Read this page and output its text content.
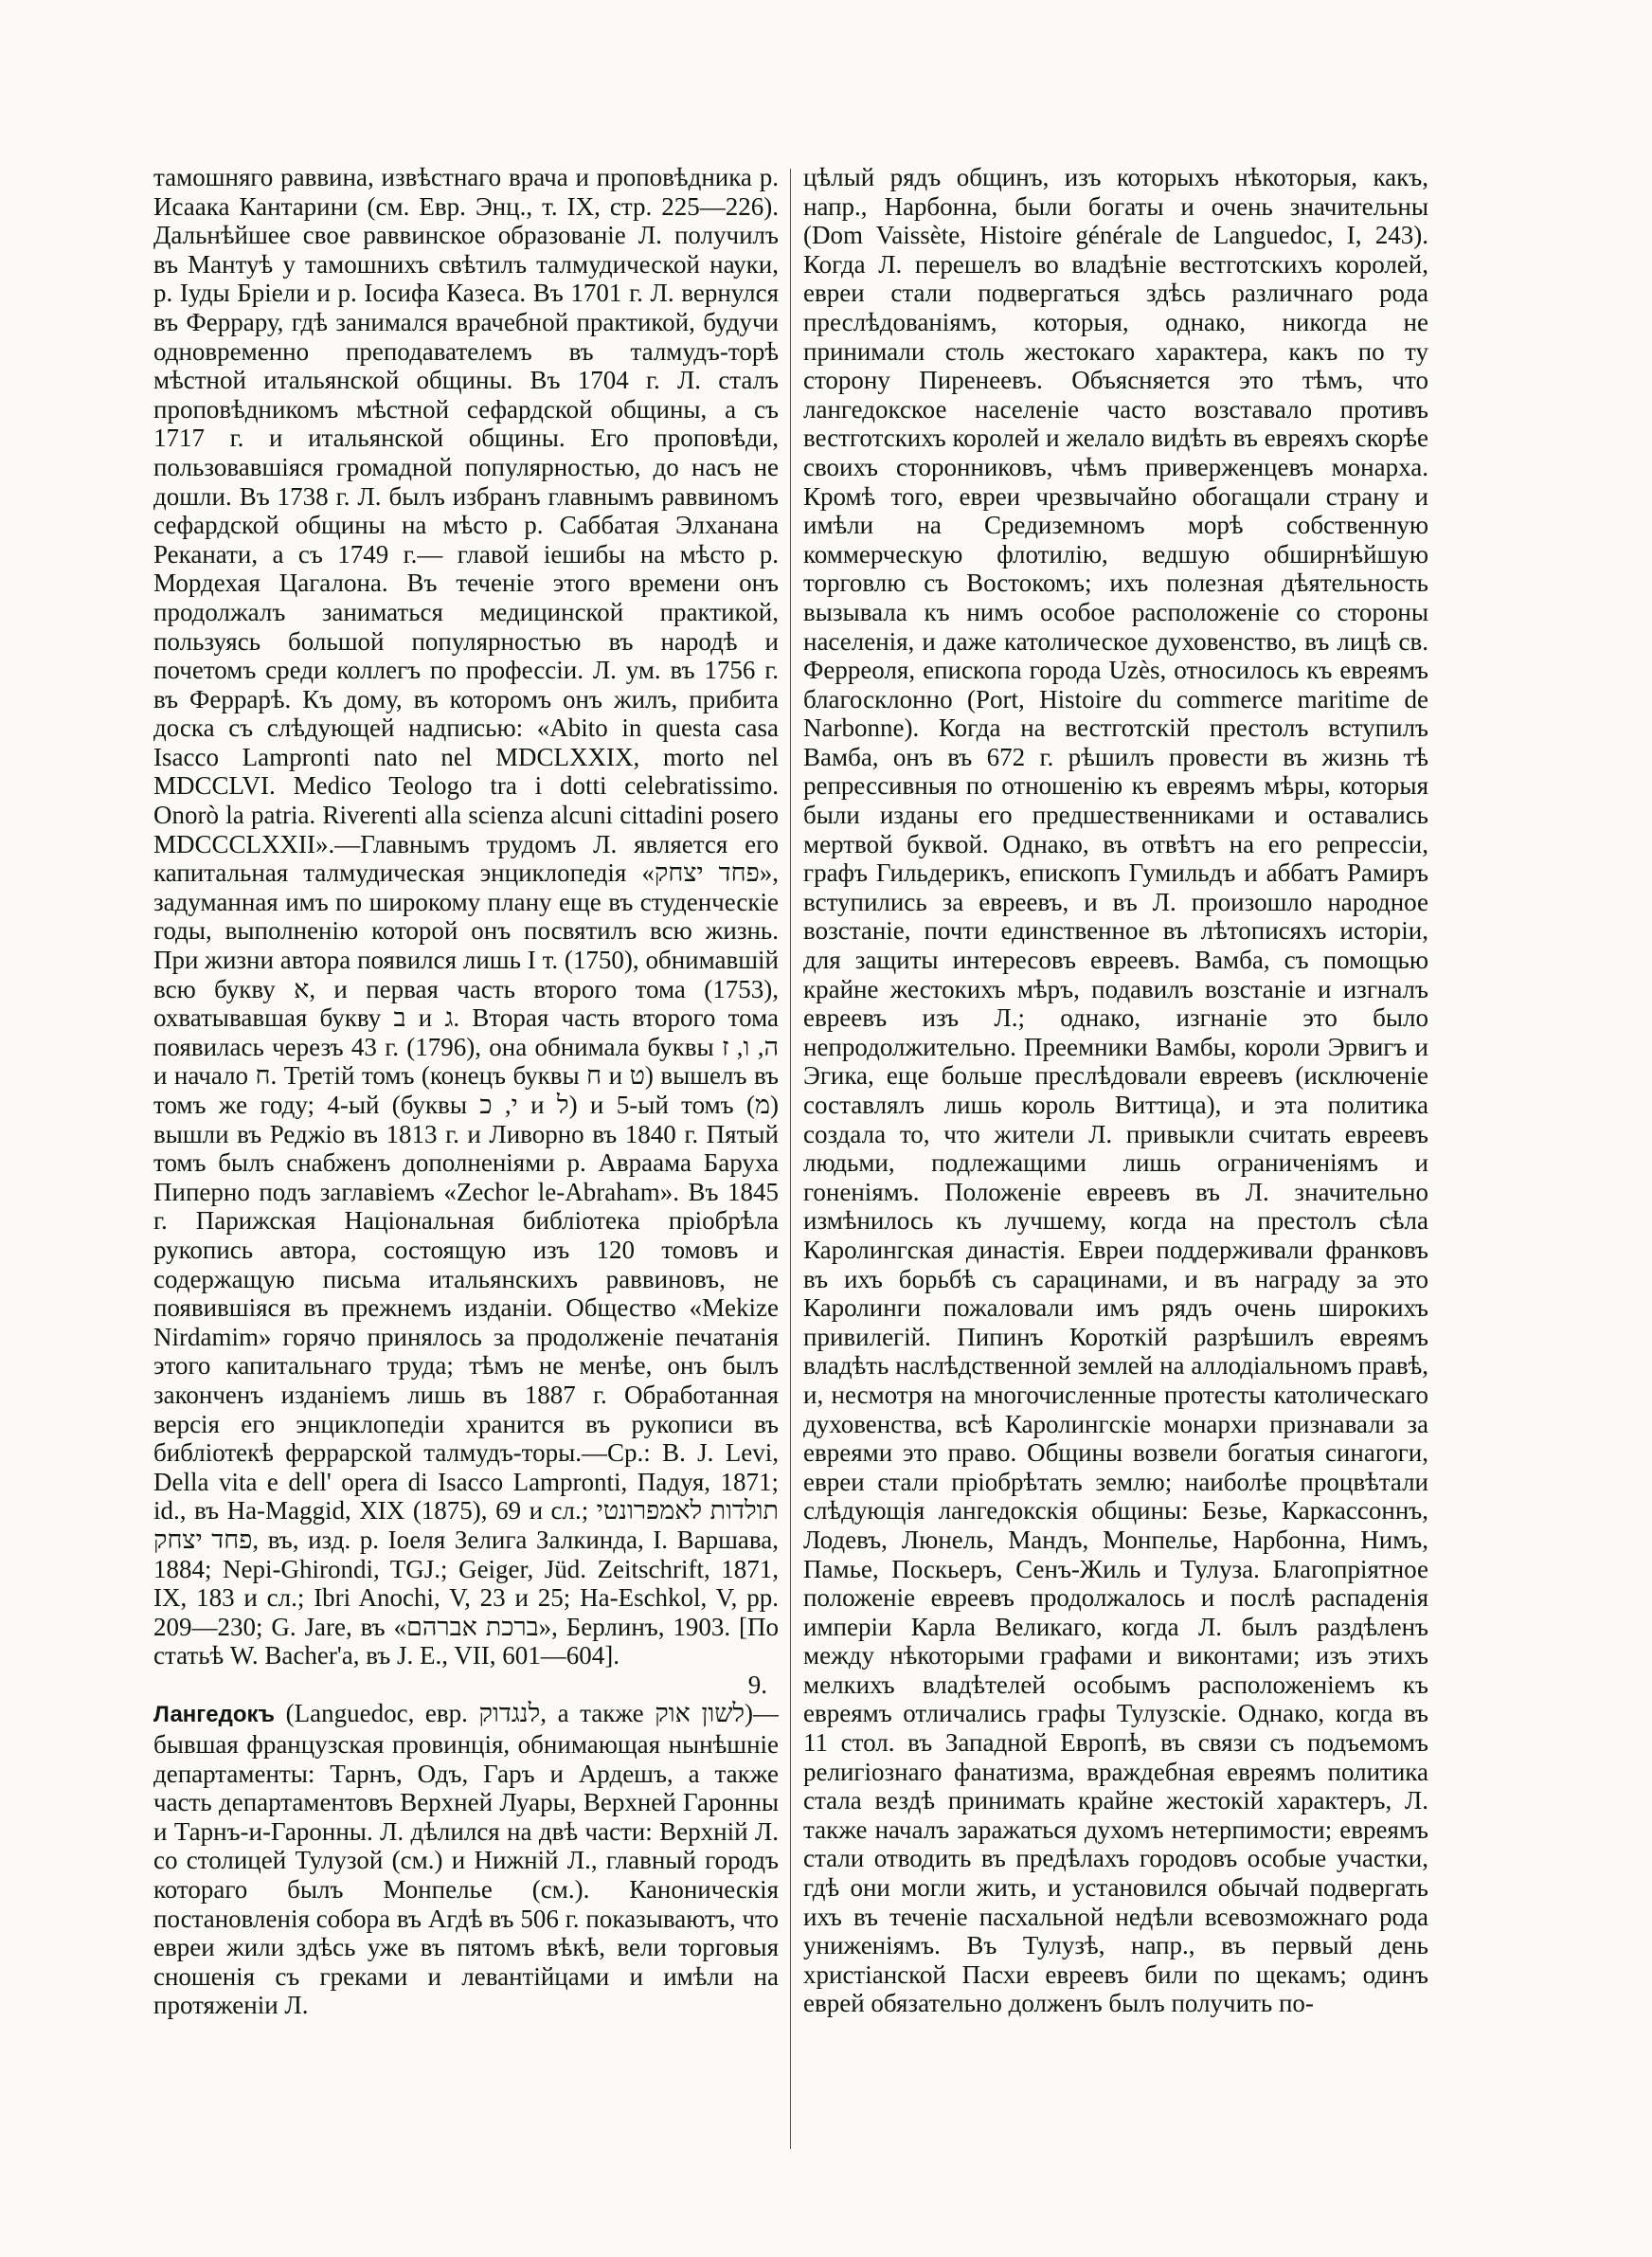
тамошняго раввина, извѣстнаго врача и проповѣдника р. Исаака Кантарини (см. Евр. Энц., т. IX, стр. 225—226). Дальнѣйшее свое раввинское образованіе Л. получилъ въ Мантуѣ у тамошнихъ свѣтилъ талмудической науки, р. Іуды Бріели и р. Іосифа Казеса. Въ 1701 г. Л. вернулся въ Феррару, гдѣ занимался врачебной практикой, будучи одновременно преподавателемъ въ талмудъ-торѣ мѣстной итальянской общины. Въ 1704 г. Л. сталъ проповѣдникомъ мѣстной сефардской общины, а съ 1717 г. и итальянской общины. Его проповѣди, пользовавшіяся громадной популярностью, до насъ не дошли. Въ 1738 г. Л. былъ избранъ главнымъ раввиномъ сефардской общины на мѣсто р. Саббатая Элханана Реканати, а съ 1749 г.— главой iешибы на мѣсто р. Мордехая Цагалона. Въ теченіе этого времени онъ продолжалъ заниматься медицинской практикой, пользуясь большой популярностью въ народѣ и почетомъ среди коллегъ по профессіи. Л. ум. въ 1756 г. въ Феррарѣ. Къ дому, въ которомъ онъ жилъ, прибита доска съ слѣдующей надписью: «Abito in questa casa Isacco Lampronti nato nel MDCLXXIX, morto nel MDCCLVI. Medico Teologo tra i dotti celebratissimo. Onorò la patria. Riverenti alla scienza alcuni cittadini posero MDCCCLXXII».—Главнымъ трудомъ Л. является его капитальная талмудическая энциклопедія «פחד יצחק», задуманная имъ по широкому плану еще въ студенческіе годы, выполненію которой онъ посвятилъ всю жизнь. При жизни автора появился лишь I т. (1750), обнимавшій всю букву א, и первая часть второго тома (1753), охватывавшая букву ב и ג. Вторая часть второго тома появилась черезъ 43 г. (1796), она обнимала буквы ה, ו, ז и начало ח. Третій томъ (конецъ буквы ח и ט) вышелъ въ томъ же году; 4-ый (буквы י, כ и ל) и 5-ый томъ (מ) вышли въ Реджіо въ 1813 г. и Ливорно въ 1840 г. Пятый томъ былъ снабженъ дополненіями р. Авраама Баруха Пиперно подъ заглавіемъ «Zechor le-Abraham». Въ 1845 г. Парижская Національная библіотека пріобрѣла рукопись автора, состоящую изъ 120 томовъ и содержащую письма итальянскихъ раввиновъ, не появившіяся въ прежнемъ изданіи. Общество «Mekize Nirdamim» горячо принялось за продолженіе печатанія этого капитальнаго труда; тѣмъ не менѣе, онъ былъ законченъ изданіемъ лишь въ 1887 г. Обработанная версія его энциклопедіи хранится въ рукописи въ библіотекѣ феррарской талмудъ-торы.—Ср.: B. J. Levi, Della vita e dell' opera di Isacco Lampronti, Падуя, 1871; id., въ Ha-Maggid, XIX (1875), 69 и сл.; תולדות לאמפרונטי ,פחד יצחק въ, изд. р. Іоеля Зелига Залкинда, I. Варшава, 1884; Nepi-Ghirondi, TGJ.; Geiger, Jüd. Zeitschrift, 1871, IX, 183 и сл.; Ibri Anochi, V, 23 и 25; Ha-Eschkol, V, pp. 209—230; G. Jare, въ «ברכת אברהם», Берлинъ, 1903. [По статьѣ W. Bacher'a, въ J. E., VII, 601—604].

9.

Лангедокъ (Languedoc, евр. לנגדוק, а также לשון אוק)—бывшая французская провинція, обнимающая нынѣшніе департаменты: Тарнъ, Одъ, Гаръ и Ардешъ, а также часть департаментовъ Верхней Луары, Верхней Гаронны и Тарнъ-и-Гаронны. Л. дѣлился на двѣ части: Верхній Л. со столицей Тулузой (см.) и Нижній Л., главный городъ котораго былъ Монпелье (см.). Каноническія постановленія собора въ Агдѣ въ 506 г. показываютъ, что евреи жили здѣсь уже въ пятомъ вѣкѣ, вели торговыя сношенія съ греками и левантійцами и имѣли на протяженіи Л.

цѣлый рядъ общинъ, изъ которыхъ нѣкоторыя, какъ, напр., Нарбонна, были богаты и очень значительны (Dom Vaissète, Histoire générale de Languedoc, I, 243). Когда Л. перешелъ во владѣніе вестготскихъ королей, евреи стали подвергаться здѣсь различнаго рода преслѣдованіямъ, которыя, однако, никогда не принимали столь жестокаго характера, какъ по ту сторону Пиренеевъ. Объясняется это тѣмъ, что лангедокское населеніе часто возставало противъ вестготскихъ королей и желало видѣть въ евреяхъ скорѣе своихъ сторонниковъ, чѣмъ приверженцевъ монарха. Кромѣ того, евреи чрезвычайно обогащали страну и имѣли на Средиземномъ морѣ собственную коммерческую флотилію, ведшую обширнѣйшую торговлю съ Востокомъ; ихъ полезная дѣятельность вызывала къ нимъ особое расположеніе со стороны населенія, и даже католическое духовенство, въ лицѣ св. Ферреоля, епископа города Uzès, относилось къ евреямъ благосклонно (Port, Histoire du commerce maritime de Narbonne). Когда на вестготскій престолъ вступилъ Вамба, онъ въ 672 г. рѣшилъ провести въ жизнь тѣ репрессивныя по отношенію къ евреямъ мѣры, которыя были изданы его предшественниками и оставались мертвой буквой. Однако, въ отвѣтъ на его репрессіи, графъ Гильдерикъ, епископъ Гумильдъ и аббатъ Рамиръ вступились за евреевъ, и въ Л. произошло народное возстаніе, почти единственное въ лѣтописяхъ исторіи, для защиты интересовъ евреевъ. Вамба, съ помощью крайне жестокихъ мѣръ, подавилъ возстаніе и изгналъ евреевъ изъ Л.; однако, изгнаніе это было непродолжительно. Преемники Вамбы, короли Эрвигъ и Эгика, еще больше преслѣдовали евреевъ (исключеніе составлялъ лишь король Виттица), и эта политика создала то, что жители Л. привыкли считать евреевъ людьми, подлежащими лишь ограниченіямъ и гоненіямъ. Положеніе евреевъ въ Л. значительно измѣнилось къ лучшему, когда на престолъ сѣла Каролингская династія. Евреи поддерживали франковъ въ ихъ борьбѣ съ сарацинами, и въ награду за это Каролинги пожаловали имъ рядъ очень широкихъ привилегій. Пипинъ Короткій разрѣшилъ евреямъ владѣть наслѣдственной землей на аллодіальномъ правѣ, и, несмотря на многочисленные протесты католическаго духовенства, всѣ Каролингскіе монархи признавали за евреями это право. Общины возвели богатыя синагоги, евреи стали пріобрѣтать землю; наиболѣе процвѣтали слѣдующія лангедокскія общины: Безье, Каркассоннъ, Лодевъ, Люнель, Мандъ, Монпелье, Нарбонна, Нимъ, Памье, Поскьеръ, Сенъ-Жиль и Тулуза. Благопріятное положеніе евреевъ продолжалось и послѣ распаденія имперіи Карла Великаго, когда Л. былъ раздѣленъ между нѣкоторыми графами и виконтами; изъ этихъ мелкихъ владѣтелей особымъ расположеніемъ къ евреямъ отличались графы Тулузскіе. Однако, когда въ 11 стол. въ Западной Европѣ, въ связи съ подъемомъ религіознаго фанатизма, враждебная евреямъ политика стала вездѣ принимать крайне жестокій характеръ, Л. также началъ заражаться духомъ нетерпимости; евреямъ стали отводить въ предѣлахъ городовъ особые участки, гдѣ они могли жить, и установился обычай подвергать ихъ въ теченіе пасхальной недѣли всевозможнаго рода униженіямъ. Въ Тулузѣ, напр., въ первый день христіанской Пасхи евреевъ били по щекамъ; одинъ еврей обязательно долженъ былъ получить по-
